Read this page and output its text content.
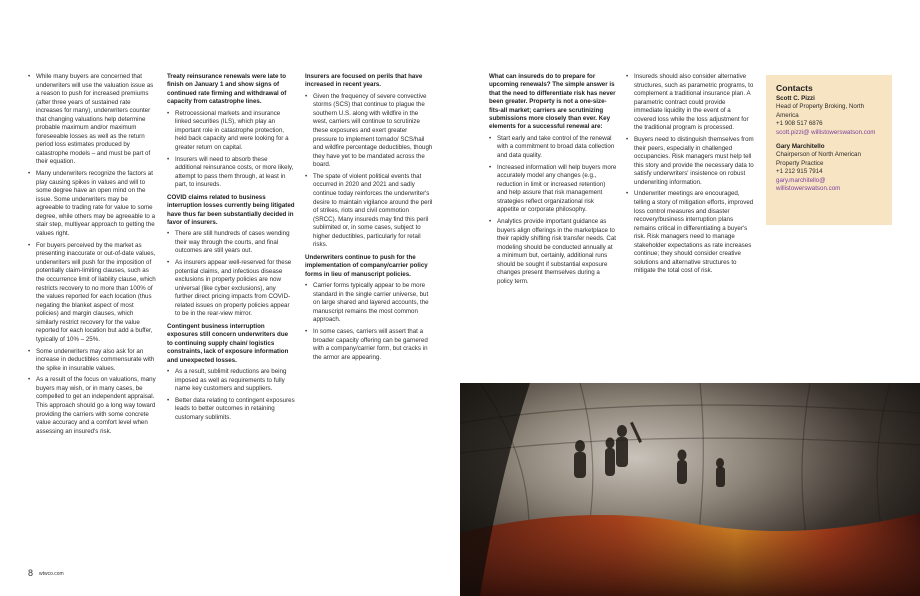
• While many buyers are concerned that underwriters will use the valuation issue as a reason to push for increased premiums (after three years of sustained rate increases for many), underwriters counter that changing valuations help determine probable maximum and/or maximum foreseeable losses as well as the return period loss estimates produced by catastrophe models – and must be part of their equation.
• Many underwriters recognize the factors at play causing spikes in values and will to some degree have an open mind on the issue. Some underwriters may be agreeable to trading rate for value to some degree, while others may be agreeable to a stair step, multiyear approach to getting the values right.
• For buyers perceived by the market as presenting inaccurate or out-of-date values, underwriters will push for the imposition of potentially claim-limiting clauses, such as the occurrence limit of liability clause, which restricts recovery to no more than 100% of the values reported for each location (thus negating the blanket aspect of most policies) and margin clauses, which similarly restrict recovery for the value reported for each location but add a buffer, typically of 10% – 25%.
• Some underwriters may also ask for an increase in deductibles commensurate with the spike in insurable values.
• As a result of the focus on valuations, many buyers may wish, or in many cases, be compelled to get an independent appraisal. This approach should go a long way toward providing the carriers with some concrete value accuracy and a comfort level when assessing an insured's risk.
Treaty reinsurance renewals were late to finish on January 1 and show signs of continued rate firming and withdrawal of capacity from catastrophe lines.
• Retrocessional markets and insurance linked securities (ILS), which play an important role in catastrophe protection, held back capacity and were looking for a greater return on capital.
• Insurers will need to absorb these additional reinsurance costs, or more likely, attempt to pass them through, at least in part, to insureds.
COVID claims related to business interruption losses currently being litigated have thus far been substantially decided in favor of insurers.
• There are still hundreds of cases wending their way through the courts, and final outcomes are still years out.
• As insurers appear well-reserved for these potential claims, and infectious disease exclusions in property policies are now universal (like cyber exclusions), any further direct pricing impacts from COVID-related issues on property policies appear to be in the rear-view mirror.
Contingent business interruption exposures still concern underwriters due to continuing supply chain/ logistics constraints, lack of exposure information and unexpected losses.
• As a result, sublimit reductions are being imposed as well as requirements to fully name key customers and suppliers.
• Better data relating to contingent exposures leads to better outcomes in retaining customary sublimits.
Insurers are focused on perils that have increased in recent years.
• Given the frequency of severe convective storms (SCS) that continue to plague the southern U.S. along with wildfire in the west, carriers will continue to scrutinize these exposures and exert greater pressure to implement tornado/ SCS/hail and wildfire percentage deductibles, though they have yet to be mandated across the board.
• The spate of violent political events that occurred in 2020 and 2021 and sadly continue today reinforces the underwriter's desire to maintain vigilance around the peril of strikes, riots and civil commotion (SRCC). Many insureds may find this peril sublimited or, in some cases, subject to higher deductibles, particularly for retail risks.
Underwriters continue to push for the implementation of company/carrier policy forms in lieu of manuscript policies.
• Carrier forms typically appear to be more standard in the single carrier universe, but on large shared and layered accounts, the manuscript remains the most common approach.
• In some cases, carriers will assert that a broader capacity offering can be garnered with a company/carrier form, but cracks in the armor are appearing.
What can insureds do to prepare for upcoming renewals? The simple answer is that the need to differentiate risk has never been greater. Property is not a one-size-fits-all market; carriers are scrutinizing submissions more closely than ever. Key elements for a successful renewal are:
• Start early and take control of the renewal with a commitment to broad data collection and data quality.
• Increased information will help buyers more accurately model any changes (e.g., reduction in limit or increased retention) and help assure that risk management strategies reflect organizational risk appetite or corporate philosophy.
• Analytics provide important guidance as buyers align offerings in the marketplace to their rapidly shifting risk transfer needs. Cat modeling should be conducted annually at a minimum but, certainly, additional runs should be sought if substantial exposure changes present themselves during a policy term.
• Insureds should also consider alternative structures, such as parametric programs, to complement a traditional insurance plan. A parametric contract could provide immediate liquidity in the event of a covered loss while the loss adjustment for the traditional program is processed.
• Buyers need to distinguish themselves from their peers, especially in challenged occupancies. Risk managers must help tell this story and provide the necessary data to satisfy underwriters' insistence on robust underwriting information.
• Underwriter meetings are encouraged, telling a story of mitigation efforts, improved loss control measures and disaster recovery/business interruption plans remains critical in differentiating a buyer's risk. Risk managers need to manage stakeholder expectations as rate increases continue; they should consider creative solutions and alternative structures to mitigate the total cost of risk.
Contacts
Scott C. Pizzi
Head of Property Broking, North America
+1 908 517 6876
scott.pizzi@ willistowerswatson.com
Gary Marchitello
Chairperson of North American Property Practice
+1 212 915 7914
gary.marchitello@ willistowerswatson.com
8 wtwco.com
